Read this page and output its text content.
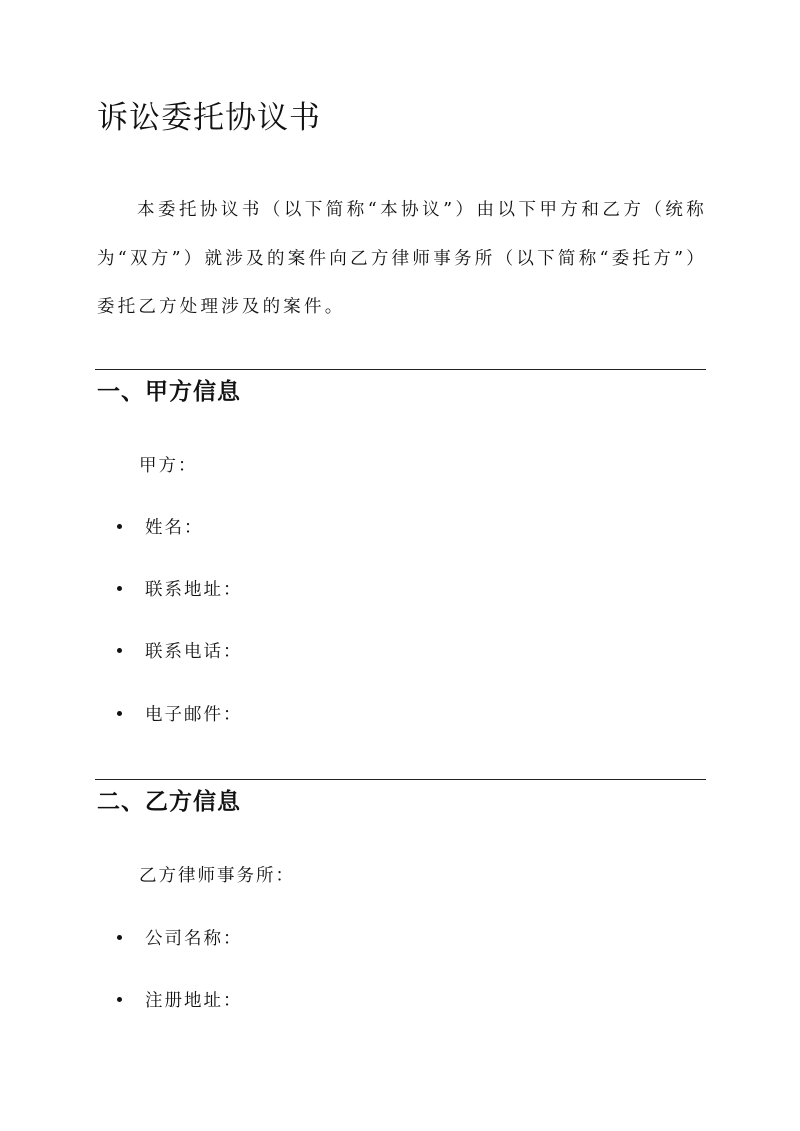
诉讼委托协议书

本委托协议书（以下简称“本协议”）由以下甲方和乙方（统称为“双方”）就涉及的案件向乙方律师事务所（以下简称“委托方”）委托乙方处理涉及的案件。

一、甲方信息

甲方：

姓名：
联系地址：
联系电话：
电子邮件：
二、乙方信息

乙方律师事务所：

公司名称：
注册地址：
